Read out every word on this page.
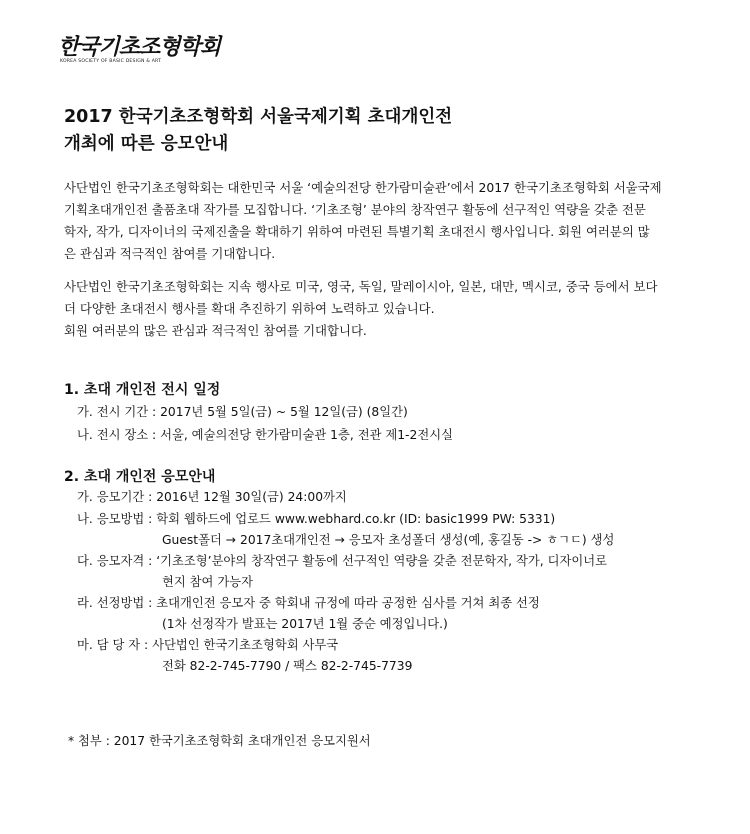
한국기초조형학회
KOREA SOCIETY OF BASIC DESIGN & ART
2017 한국기초조형학회 서울국제기획 초대개인전
개최에 따른 응모안내
사단법인 한국기초조형학회는 대한민국 서울 ‘예술의전당 한가람미술관’에서 2017 한국기초조형학회 서울국제
기획초대개인전 출품초대 작가를 모집합니다. ‘기초조형’ 분야의 창작연구 활동에 선구적인 역량을 갖춘 전문
학자, 작가, 디자이너의 국제진출을 확대하기 위하여 마련된 특별기획 초대전시 행사입니다. 회원 여러분의 많
은 관심과 적극적인 참여를 기대합니다.
사단법인 한국기초조형학회는 지속 행사로 미국, 영국, 독일, 말레이시아, 일본, 대만, 멕시코, 중국 등에서 보다
더 다양한 초대전시 행사를 확대 추진하기 위하여 노력하고 있습니다.
회원 여러분의 많은 관심과 적극적인 참여를 기대합니다.
1. 초대 개인전 전시 일정
가. 전시 기간 : 2017년 5월 5일(금) ~ 5월 12일(금) (8일간)
나. 전시 장소 : 서울, 예술의전당 한가람미술관 1층, 전관 제1-2전시실
2. 초대 개인전 응모안내
가. 응모기간 : 2016년 12월 30일(금) 24:00까지
나. 응모방법 : 학회 웹하드에 업로드 www.webhard.co.kr (ID: basic1999 PW: 5331)
Guest폴더 → 2017초대개인전 → 응모자 초성폴더 생성(예, 홍길동 -> ㅎㄱㄷ) 생성
다. 응모자격 : ‘기초조형’분야의 창작연구 활동에 선구적인 역량을 갖춘 전문학자, 작가, 디자이너로
현지 참여 가능자
라. 선정방법 : 초대개인전 응모자 중 학회내 규정에 따라 공정한 심사를 거쳐 최종 선정
(1차 선정작가 발표는 2017년 1월 중순 예정입니다.)
마. 담 당 자 : 사단법인 한국기초조형학회 사무국
전화 82-2-745-7790 / 팩스 82-2-745-7739
* 첨부 : 2017 한국기초조형학회 초대개인전 응모지원서
